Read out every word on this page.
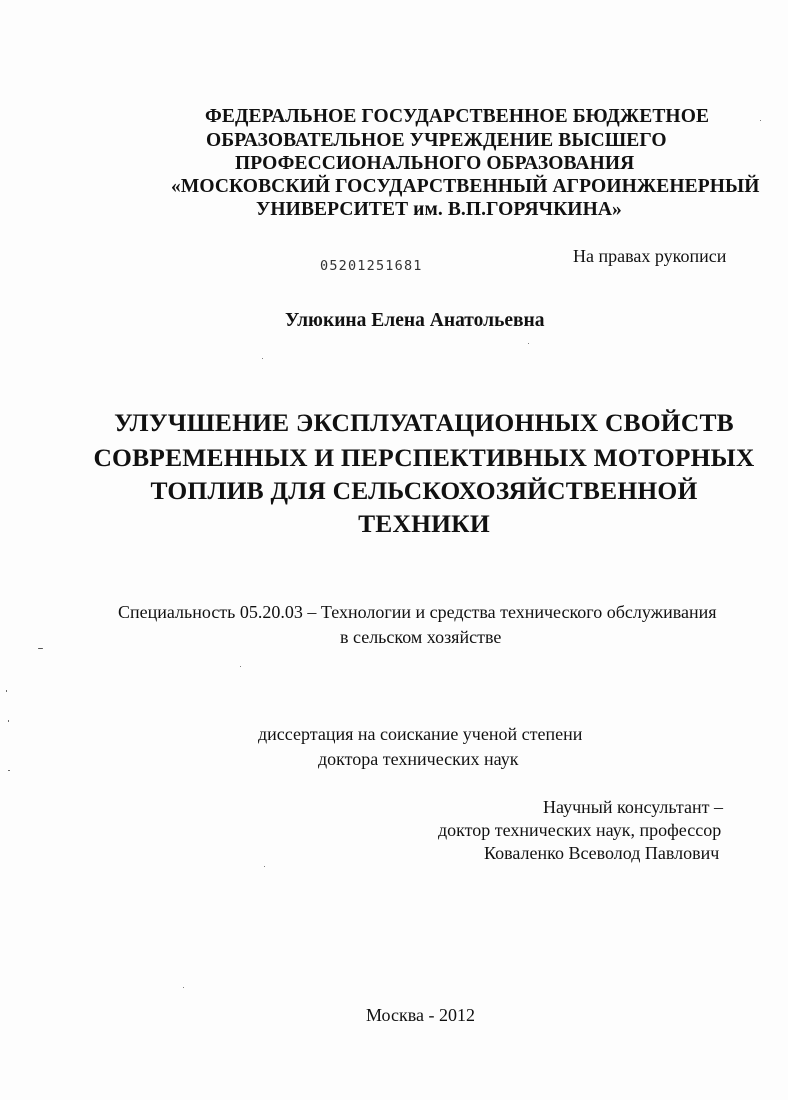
ФЕДЕРАЛЬНОЕ ГОСУДАРСТВЕННОЕ БЮДЖЕТНОЕ
ОБРАЗОВАТЕЛЬНОЕ УЧРЕЖДЕНИЕ ВЫСШЕГО
ПРОФЕССИОНАЛЬНОГО ОБРАЗОВАНИЯ
«МОСКОВСКИЙ ГОСУДАРСТВЕННЫЙ АГРОИНЖЕНЕРНЫЙ
УНИВЕРСИТЕТ им. В.П.ГОРЯЧКИНА»
На правах рукописи
05201251681
Улюкина Елена Анатольевна
УЛУЧШЕНИЕ ЭКСПЛУАТАЦИОННЫХ СВОЙСТВ
СОВРЕМЕННЫХ И ПЕРСПЕКТИВНЫХ МОТОРНЫХ
ТОПЛИВ ДЛЯ СЕЛЬСКОХОЗЯЙСТВЕННОЙ
ТЕХНИКИ
Специальность 05.20.03 – Технологии и средства технического обслуживания
в сельском хозяйстве
диссертация на соискание ученой степени
доктора технических наук
Научный консультант –
доктор технических наук, профессор
Коваленко Всеволод Павлович
Москва - 2012
